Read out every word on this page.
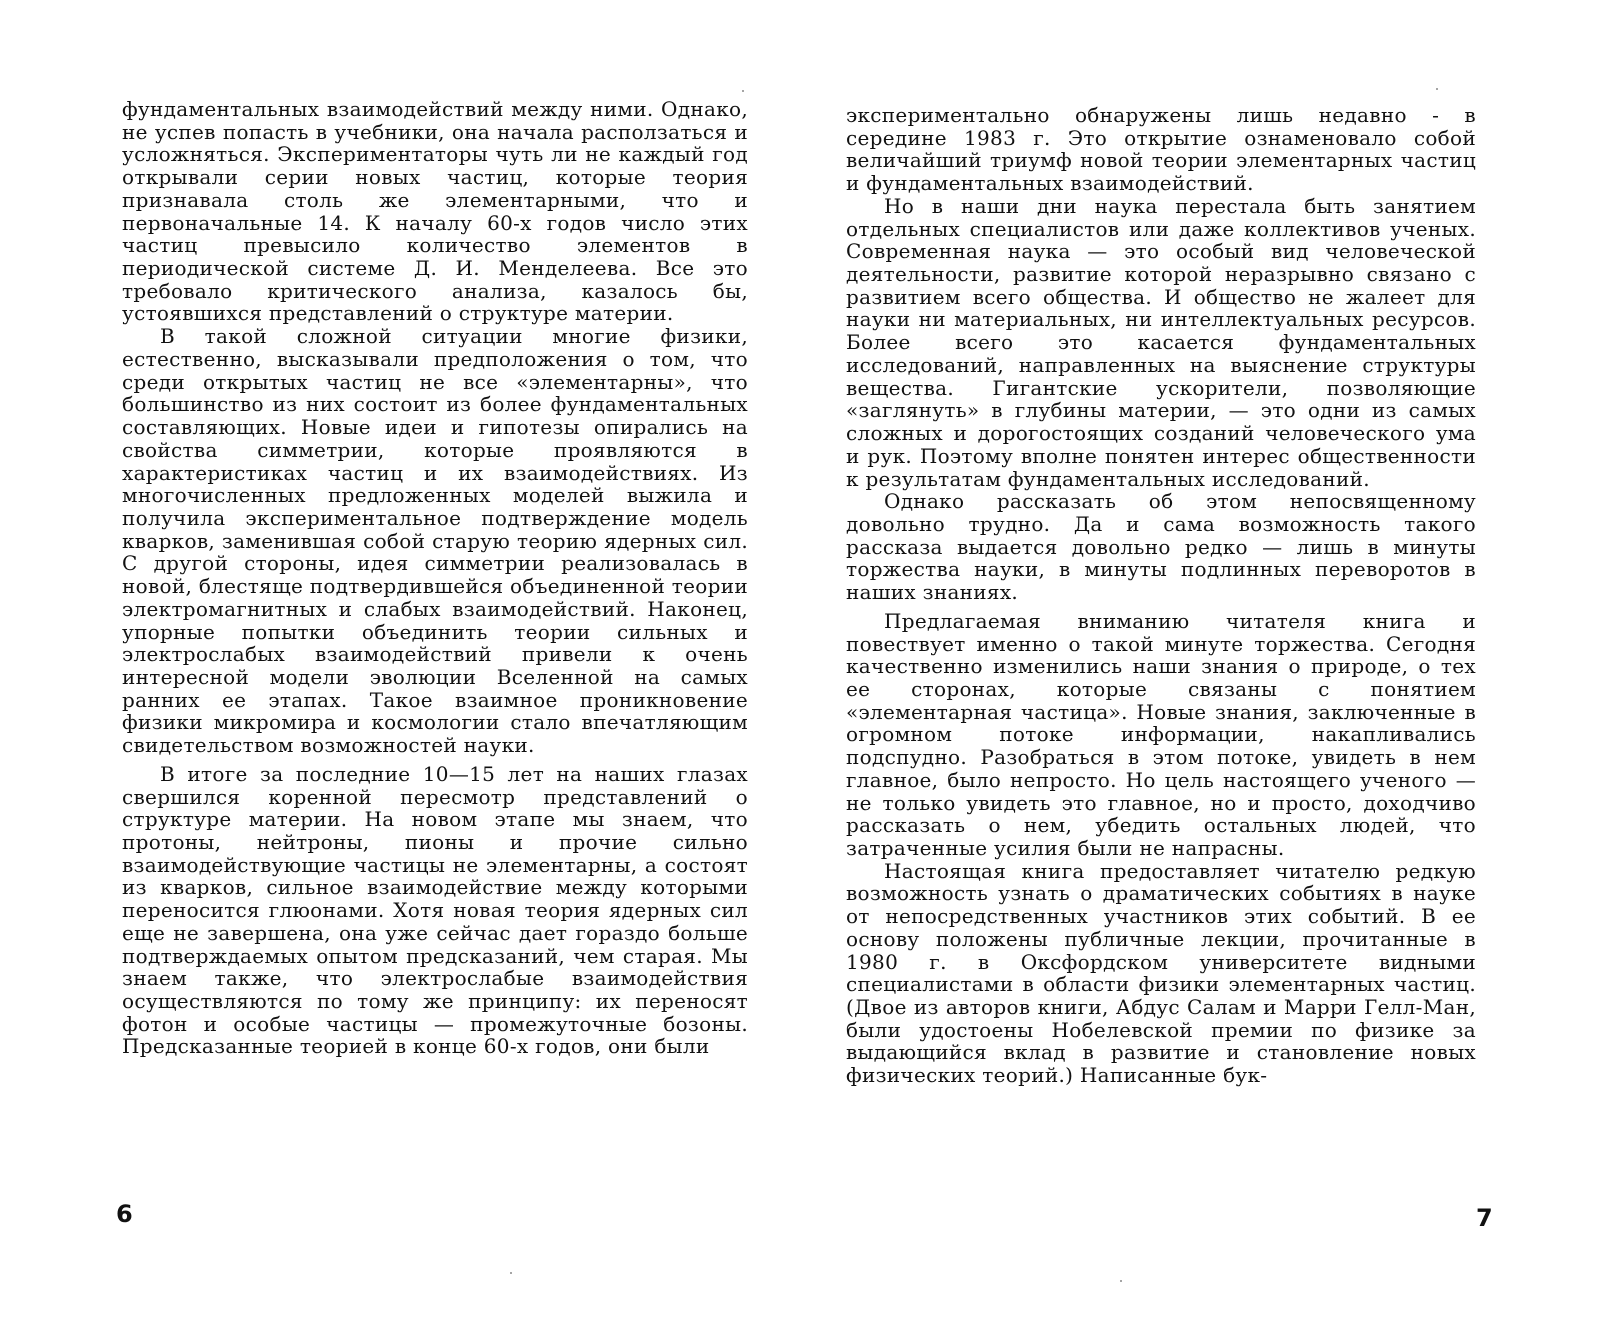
фундаментальных взаимодействий между ними. Однако, не успев попасть в учебники, она начала расползаться и усложняться. Экспериментаторы чуть ли не каждый год открывали серии новых частиц, которые теория признавала столь же элементарными, что и первоначальные 14. К началу 60-х годов число этих частиц превысило количество элементов в периодической системе Д. И. Менделеева. Все это требовало критического анализа, казалось бы, устоявшихся представлений о структуре материи.

В такой сложной ситуации многие физики, естественно, высказывали предположения о том, что среди открытых частиц не все «элементарны», что большинство из них состоит из более фундаментальных составляющих. Новые идеи и гипотезы опирались на свойства симметрии, которые проявляются в характеристиках частиц и их взаимодействиях. Из многочисленных предложенных моделей выжила и получила экспериментальное подтверждение модель кварков, заменившая собой старую теорию ядерных сил. С другой стороны, идея симметрии реализовалась в новой, блестяще подтвердившейся объединенной теории электромагнитных и слабых взаимодействий. Наконец, упорные попытки объединить теории сильных и электрослабых взаимодействий привели к очень интересной модели эволюции Вселенной на самых ранних ее этапах. Такое взаимное проникновение физики микромира и космологии стало впечатляющим свидетельством возможностей науки.

В итоге за последние 10—15 лет на наших глазах свершился коренной пересмотр представлений о структуре материи. На новом этапе мы знаем, что протоны, нейтроны, пионы и прочие сильно взаимодействующие частицы не элементарны, а состоят из кварков, сильное взаимодействие между которыми переносится глюонами. Хотя новая теория ядерных сил еще не завершена, она уже сейчас дает гораздо больше подтверждаемых опытом предсказаний, чем старая. Мы знаем также, что электрослабые взаимодействия осуществляются по тому же принципу: их переносят фотон и особые частицы — промежуточные бозоны. Предсказанные теорией в конце 60-х годов, они были

6

экспериментально обнаружены лишь недавно - в середине 1983 г. Это открытие ознаменовало собой величайший триумф новой теории элементарных частиц и фундаментальных взаимодействий.

Но в наши дни наука перестала быть занятием отдельных специалистов или даже коллективов ученых. Современная наука — это особый вид человеческой деятельности, развитие которой неразрывно связано с развитием всего общества. И общество не жалеет для науки ни материальных, ни интеллектуальных ресурсов. Более всего это касается фундаментальных исследований, направленных на выяснение структуры вещества. Гигантские ускорители, позволяющие «заглянуть» в глубины материи, — это одни из самых сложных и дорогостоящих созданий человеческого ума и рук. Поэтому вполне понятен интерес общественности к результатам фундаментальных исследований.

Однако рассказать об этом непосвященному довольно трудно. Да и сама возможность такого рассказа выдается довольно редко — лишь в минуты торжества науки, в минуты подлинных переворотов в наших знаниях.

Предлагаемая вниманию читателя книга и повествует именно о такой минуте торжества. Сегодня качественно изменились наши знания о природе, о тех ее сторонах, которые связаны с понятием «элементарная частица». Новые знания, заключенные в огромном потоке информации, накапливались подспудно. Разобраться в этом потоке, увидеть в нем главное, было непросто. Но цель настоящего ученого — не только увидеть это главное, но и просто, доходчиво рассказать о нем, убедить остальных людей, что затраченные усилия были не напрасны.

Настоящая книга предоставляет читателю редкую возможность узнать о драматических событиях в науке от непосредственных участников этих событий. В ее основу положены публичные лекции, прочитанные в 1980 г. в Оксфордском университете видными специалистами в области физики элементарных частиц. (Двое из авторов книги, Абдус Салам и Марри Гелл-Ман, были удостоены Нобелевской премии по физике за выдающийся вклад в развитие и становление новых физических теорий.) Написанные бук-

7
